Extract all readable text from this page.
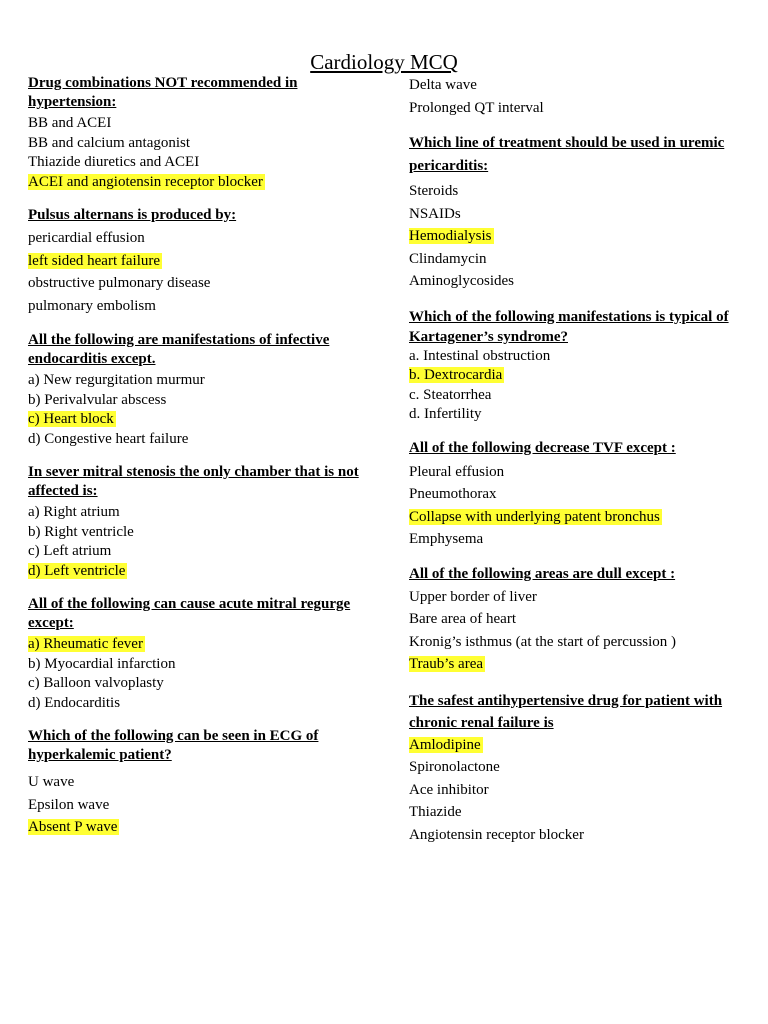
Cardiology MCQ

Drug combinations NOT recommended in hypertension:

BB and ACEI
BB and calcium antagonist
Thiazide diuretics and ACEI
ACEI and angiotensin receptor blocker

Pulsus alternans is produced by:

pericardial effusion
left sided heart failure
obstructive pulmonary disease
pulmonary embolism

All the following are manifestations of infective endocarditis except.

a) New regurgitation murmur
b) Perivalvular abscess
c) Heart block
d) Congestive heart failure

In sever mitral stenosis the only chamber that is not affected is:

a) Right atrium
b) Right ventricle
c) Left atrium
d) Left ventricle

All of the following can cause acute mitral regurge except:

a) Rheumatic fever
b) Myocardial infarction
c) Balloon valvoplasty
d) Endocarditis

Which of the following can be seen in ECG of hyperkalemic patient?

U wave
Epsilon wave
Absent P wave
Delta wave
Prolonged QT interval

Which line of treatment should be used in uremic pericarditis:

Steroids
NSAIDs
Hemodialysis
Clindamycin
Aminoglycosides

Which of the following manifestations is typical of Kartagener’s syndrome?

a. Intestinal obstruction
b. Dextrocardia
c. Steatorrhea
d. Infertility

All of the following decrease TVF except :

Pleural effusion
Pneumothorax
Collapse with underlying patent bronchus
Emphysema

All of the following areas are dull except :

Upper border of liver
Bare area of heart
Kronig’s isthmus (at the start of percussion )
Traub’s area

The safest antihypertensive drug for patient with chronic renal failure is

Amlodipine
Spironolactone
Ace inhibitor
Thiazide
Angiotensin receptor blocker
